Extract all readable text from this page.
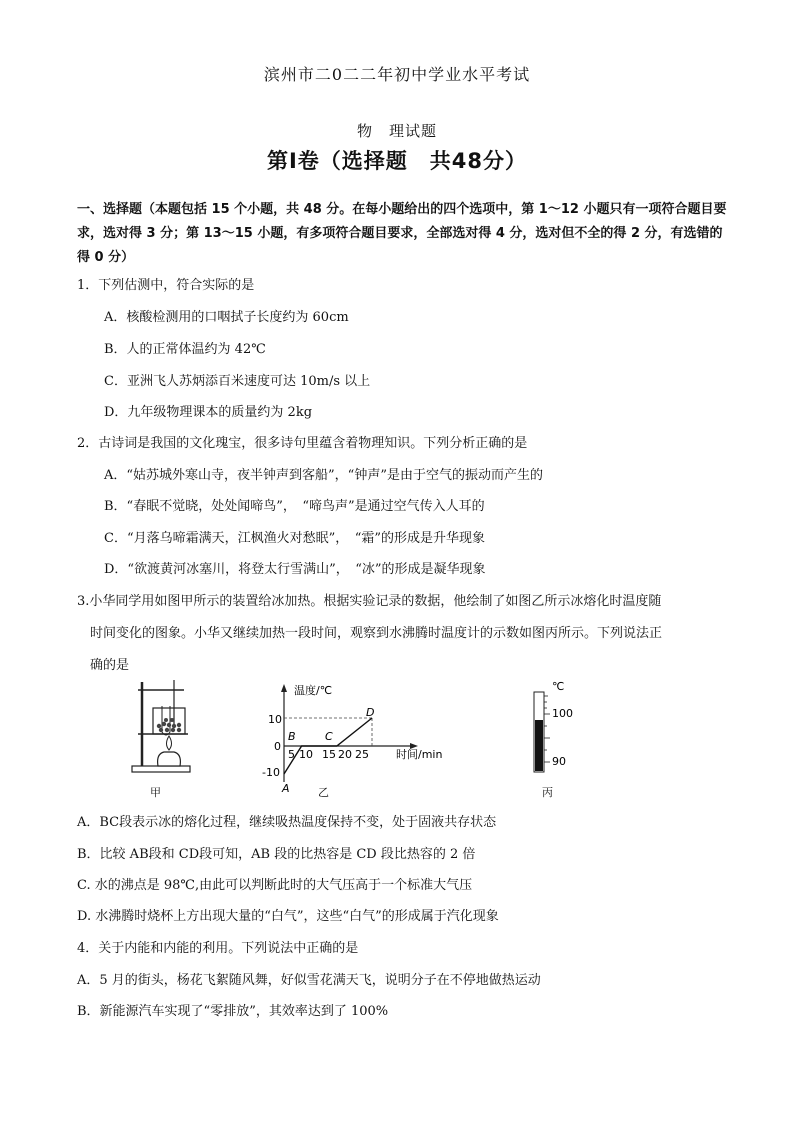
滨州市二0二二年初中学业水平考试
物　理试题
第Ⅰ卷（选择题　共48分）
一、选择题（本题包括 15 个小题，共 48 分。在每小题给出的四个选项中，第 1～12 小题只有一项符合题目要求，选对得 3 分；第 13～15 小题，有多项符合题目要求，全部选对得 4 分，选对但不全的得 2 分，有选错的得 0 分）
1．下列估测中，符合实际的是
A．核酸检测用的口咽拭子长度约为 60cm
B．人的正常体温约为 42℃
C．亚洲飞人苏炳添百米速度可达 10m/s 以上
D．九年级物理课本的质量约为 2kg
2．古诗词是我国的文化瑰宝，很多诗句里蕴含着物理知识。下列分析正确的是
A．“姑苏城外寒山寺，夜半钟声到客船”，“钟声”是由于空气的振动而产生的
B．“春眠不觉晓，处处闻啼鸟”，　“啼鸟声”是通过空气传入人耳的
C．“月落乌啼霜满天，江枫渔火对愁眠”，　“霜”的形成是升华现象
D．“欲渡黄河冰塞川，将登太行雪满山”，　“冰”的形成是凝华现象
3.小华同学用如图甲所示的装置给冰加热。根据实验记录的数据，他绘制了如图乙所示冰熔化时温度随
时间变化的图象。小华又继续加热一段时间，观察到水沸腾时温度计的示数如图丙所示。下列说法正
确的是
甲
温度/℃
时间/min
10
0
-10
5 10 15 20 25
A
B	C
D
乙
℃
100
90
丙
A．BC段表示冰的熔化过程，继续吸热温度保持不变，处于固液共存状态
B．比较 AB段和 CD段可知，AB 段的比热容是 CD 段比热容的 2 倍
C. 水的沸点是 98℃,由此可以判断此时的大气压高于一个标准大气压
D. 水沸腾时烧杯上方出现大量的“白气”，这些“白气”的形成属于汽化现象
4．关于内能和内能的利用。下列说法中正确的是
A．5 月的街头，杨花飞絮随风舞，好似雪花满天飞，说明分子在不停地做热运动
B．新能源汽车实现了“零排放”，其效率达到了 100%
